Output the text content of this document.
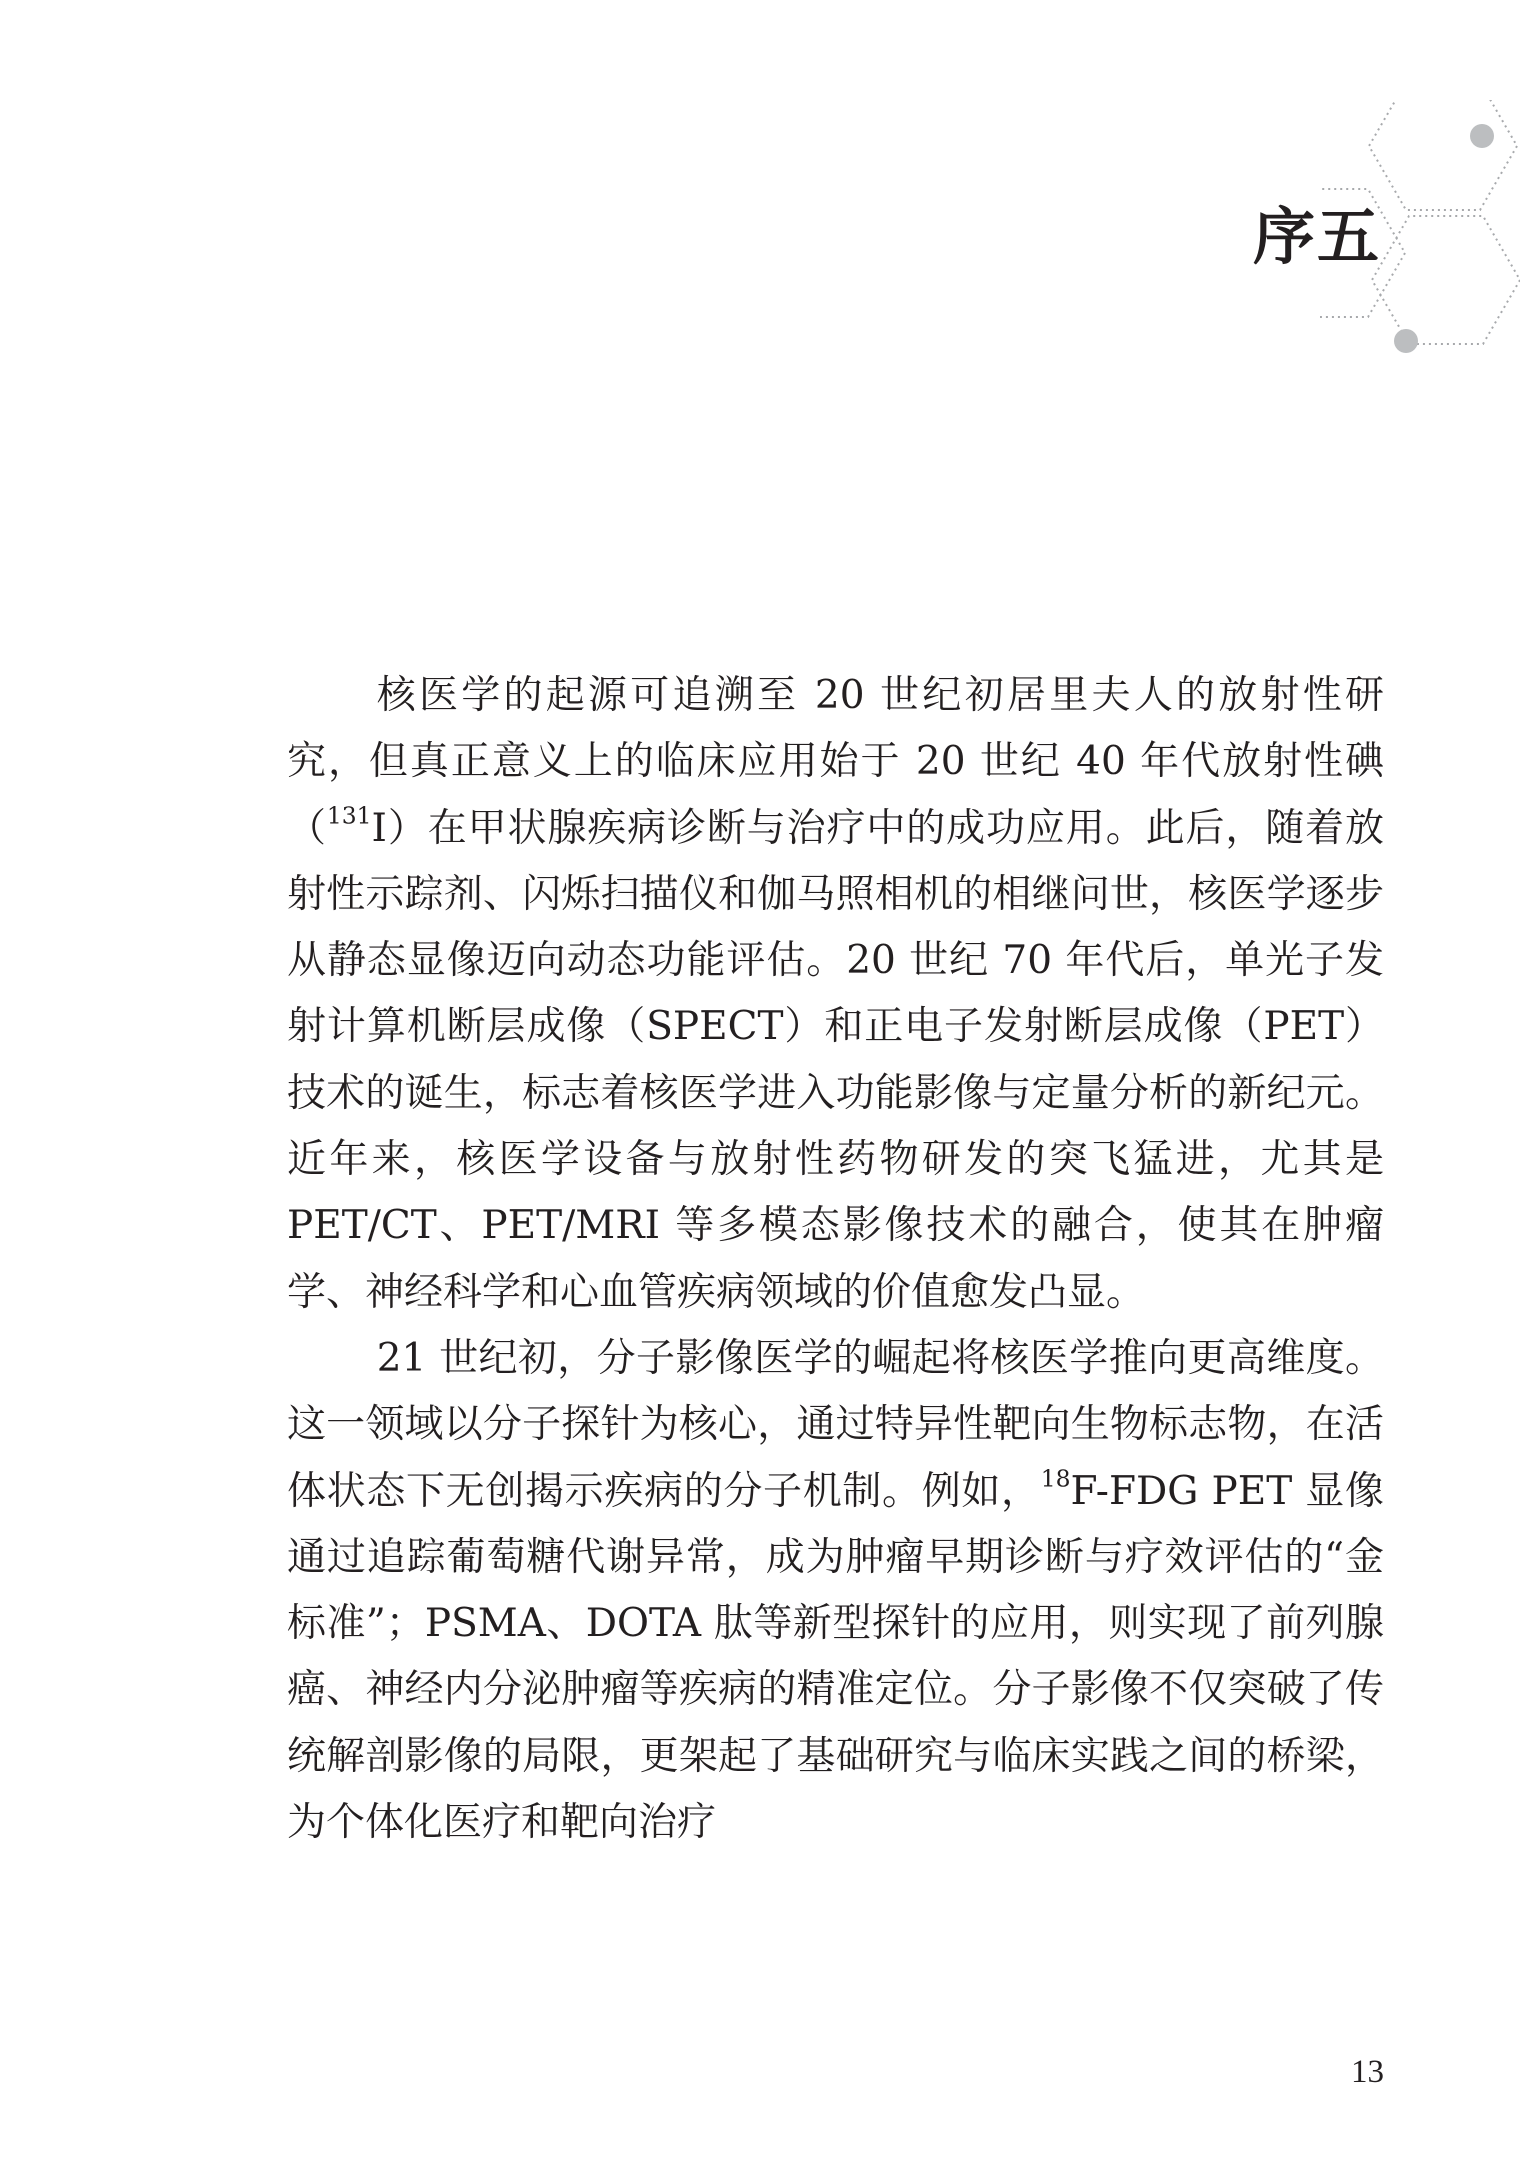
序五

核医学的起源可追溯至 20 世纪初居里夫人的放射性研究，但真正意义上的临床应用始于 20 世纪 40 年代放射性碘（$^{131}$I）在甲状腺疾病诊断与治疗中的成功应用。此后，随着放射性示踪剂、闪烁扫描仪和伽马照相机的相继问世，核医学逐步从静态显像迈向动态功能评估。20 世纪 70 年代后，单光子发射计算机断层成像（SPECT）和正电子发射断层成像（PET）技术的诞生，标志着核医学进入功能影像与定量分析的新纪元。近年来，核医学设备与放射性药物研发的突飞猛进，尤其是 PET/CT、PET/MRI 等多模态影像技术的融合，使其在肿瘤学、神经科学和心血管疾病领域的价值愈发凸显。

21 世纪初，分子影像医学的崛起将核医学推向更高维度。这一领域以分子探针为核心，通过特异性靶向生物标志物，在活体状态下无创揭示疾病的分子机制。例如，$^{18}$F-FDG PET 显像通过追踪葡萄糖代谢异常，成为肿瘤早期诊断与疗效评估的“金标准”；PSMA、DOTA 肽等新型探针的应用，则实现了前列腺癌、神经内分泌肿瘤等疾病的精准定位。分子影像不仅突破了传统解剖影像的局限，更架起了基础研究与临床实践之间的桥梁，为个体化医疗和靶向治疗

13
